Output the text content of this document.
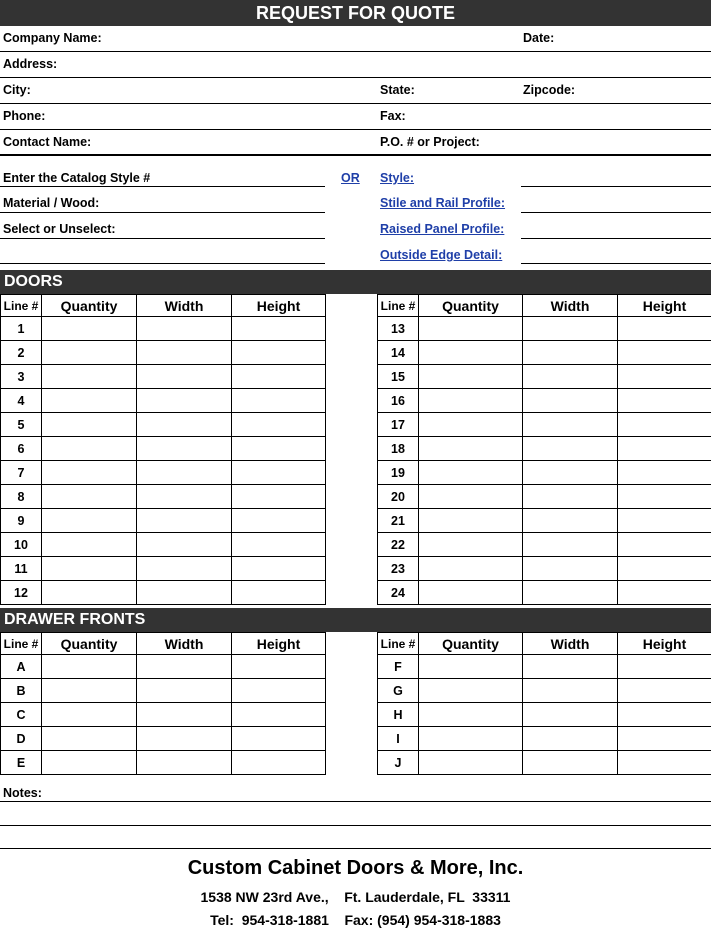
REQUEST FOR QUOTE
Company Name:	Date:
Address:
City:	State:	Zipcode:
Phone:	Fax:
Contact Name:	P.O. # or Project:
Enter the Catalog Style #	OR Style:
Material / Wood:	Stile and Rail Profile:
Select or Unselect:	Raised Panel Profile:
Outside Edge Detail:
DOORS
Line #	Quantity	Width	Height
1			
2			
3			
4			
5			
6			
7			
8			
9			
10			
11			
12			
Line #	Quantity	Width	Height
13			
14			
15			
16			
17			
18			
19			
20			
21			
22			
23			
24			
DRAWER FRONTS
Line #	Quantity	Width	Height
A			
B			
C			
D			
E			
Line #	Quantity	Width	Height
F			
G			
H			
I			
J			
Notes:
Custom Cabinet Doors & More, Inc.
1538 NW 23rd Ave.,    Ft. Lauderdale, FL  33311
Tel:  954-318-1881    Fax: (954) 954-318-1883
